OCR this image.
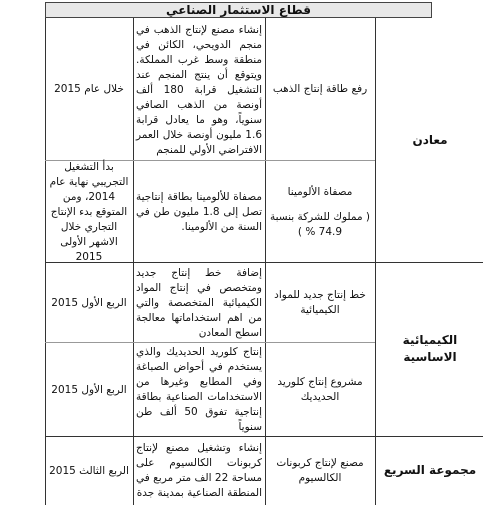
قطاع الاستثمار الصناعي
معادن
الكيميائية الاساسية
مجموعة السريع
رفع طاقة إنتاج الذهب
إنشاء مصنع لإنتاج الذهب في منجم الدويحي، الكائن في منطقة وسط غرب المملكة. ويتوقع أن ينتج المنجم عند التشغيل قرابة 180 ألف أونصة من الذهب الصافي سنوياً، وهو ما يعادل قرابة 1.6 مليون أونصة خلال العمر الافتراضي الأولي للمنجم
خلال عام 2015
مصفاة الألومينا
( مملوك للشركة بنسبة 74.9 % )
مصفاة للألومينا بطاقة إنتاجية تصل إلى 1.8 مليون طن في السنة من الألومينا.
بدأ التشغيل التجريبي نهاية عام 2014، ومن المتوقع بدء الإنتاج التجاري خلال الاشهر الأولى 2015
خط إنتاج جديد للمواد الكيميائية
إضافة خط إنتاج جديد ومتخصص في إنتاج المواد الكيميائية المتخصصة والتي من اهم استخداماتها معالجة اسطح المعادن
الربع الأول 2015
مشروع إنتاج كلوريد الحديديك
إنتاج كلوريد الحديديك والذي يستخدم في أحواض الصباغة وفي المطابع وغيرها من الاستخدامات الصناعية بطاقة إنتاجية تفوق 50 ألف طن سنوياً
الربع الأول 2015
مصنع لإنتاج كربونات الكالسيوم
إنشاء وتشغيل مصنع لإنتاج كربونات الكالسيوم على مساحة 22 الف متر مربع في المنطقة الصناعية بمدينة جدة
الربع الثالث 2015
